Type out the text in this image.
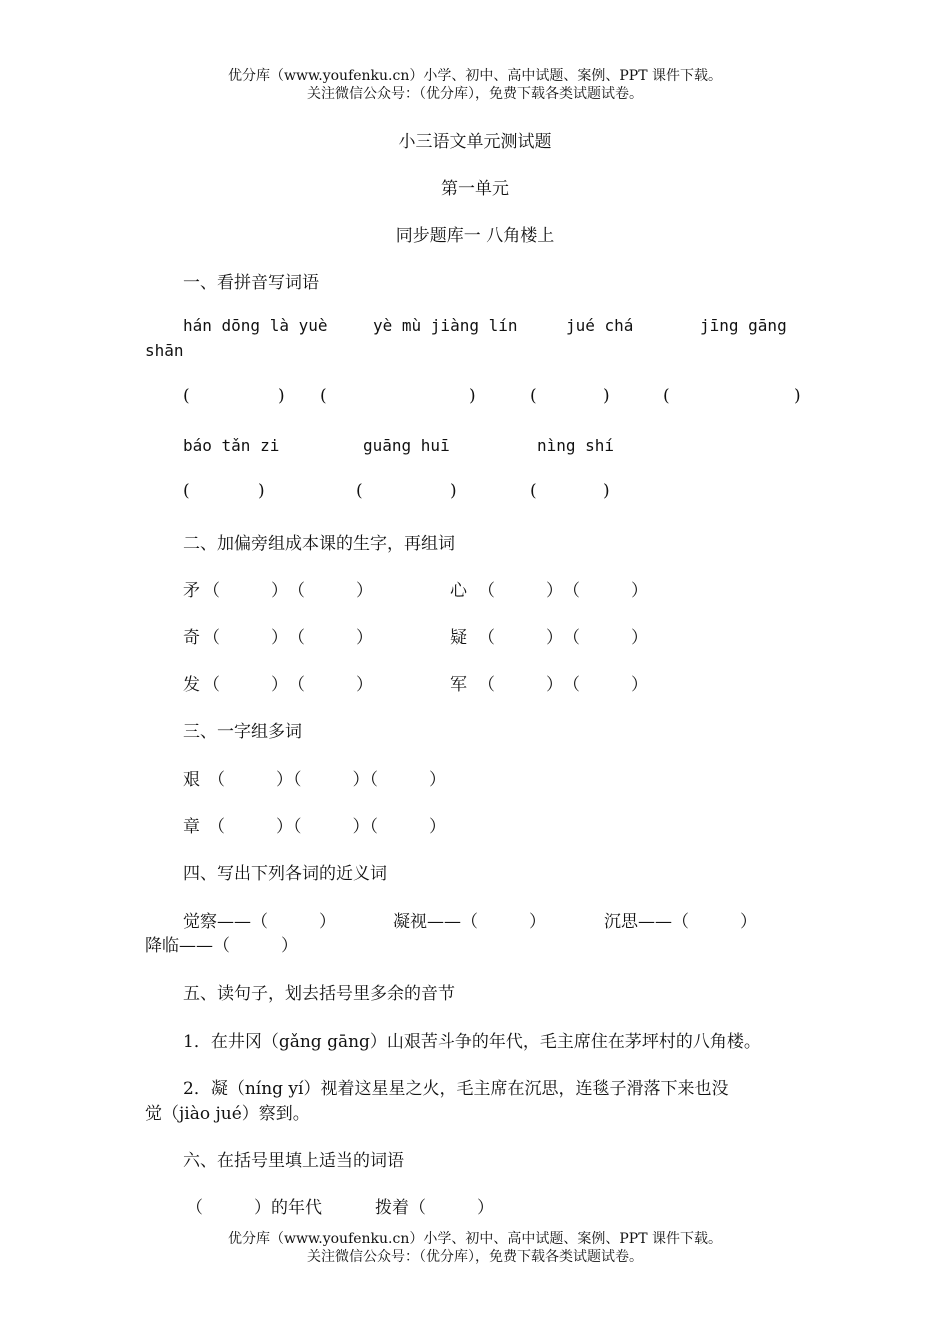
优分库（www.youfenku.cn）小学、初中、高中试题、案例、PPT 课件下载。
关注微信公众号：（优分库），免费下载各类试题试卷。
小三语文单元测试题
第一单元
同步题库一 八角楼上
一、看拼音写词语
hán dōng là yuè	yè mù jiàng lín	jué chá	jīng gāng
shān
(	) (	)	(	)	(	)
báo tǎn zi	guāng huī	nìng shí
(	)	(	)	(	)
二、加偏旁组成本课的生字，再组词
矛 （　　　）　（　　　）	心 （　　　）　（　　　）
奇 （　　　）　（　　　）	疑 （　　　）　（　　　）
发 （　　　）　（　　　）	军 （　　　）　（　　　）
三、一字组多词
艰 （　　　）（　　　）（　　　）
章 （　　　）（　　　）（　　　）
四、写出下列各词的近义词
觉察——（　　　）	凝视——（　　　）	沉思——（　　　）
降临——（　　　）
五、读句子，划去括号里多余的音节
1．在井冈（gǎng gāng）山艰苦斗争的年代，毛主席住在茅坪村的八角楼。
2．凝（níng yí）视着这星星之火，毛主席在沉思，连毯子滑落下来也没
觉（jiào jué）察到。
六、在括号里填上适当的词语
（　　　）的年代	拨着（　　　）
优分库（www.youfenku.cn）小学、初中、高中试题、案例、PPT 课件下载。
关注微信公众号：（优分库），免费下载各类试题试卷。
